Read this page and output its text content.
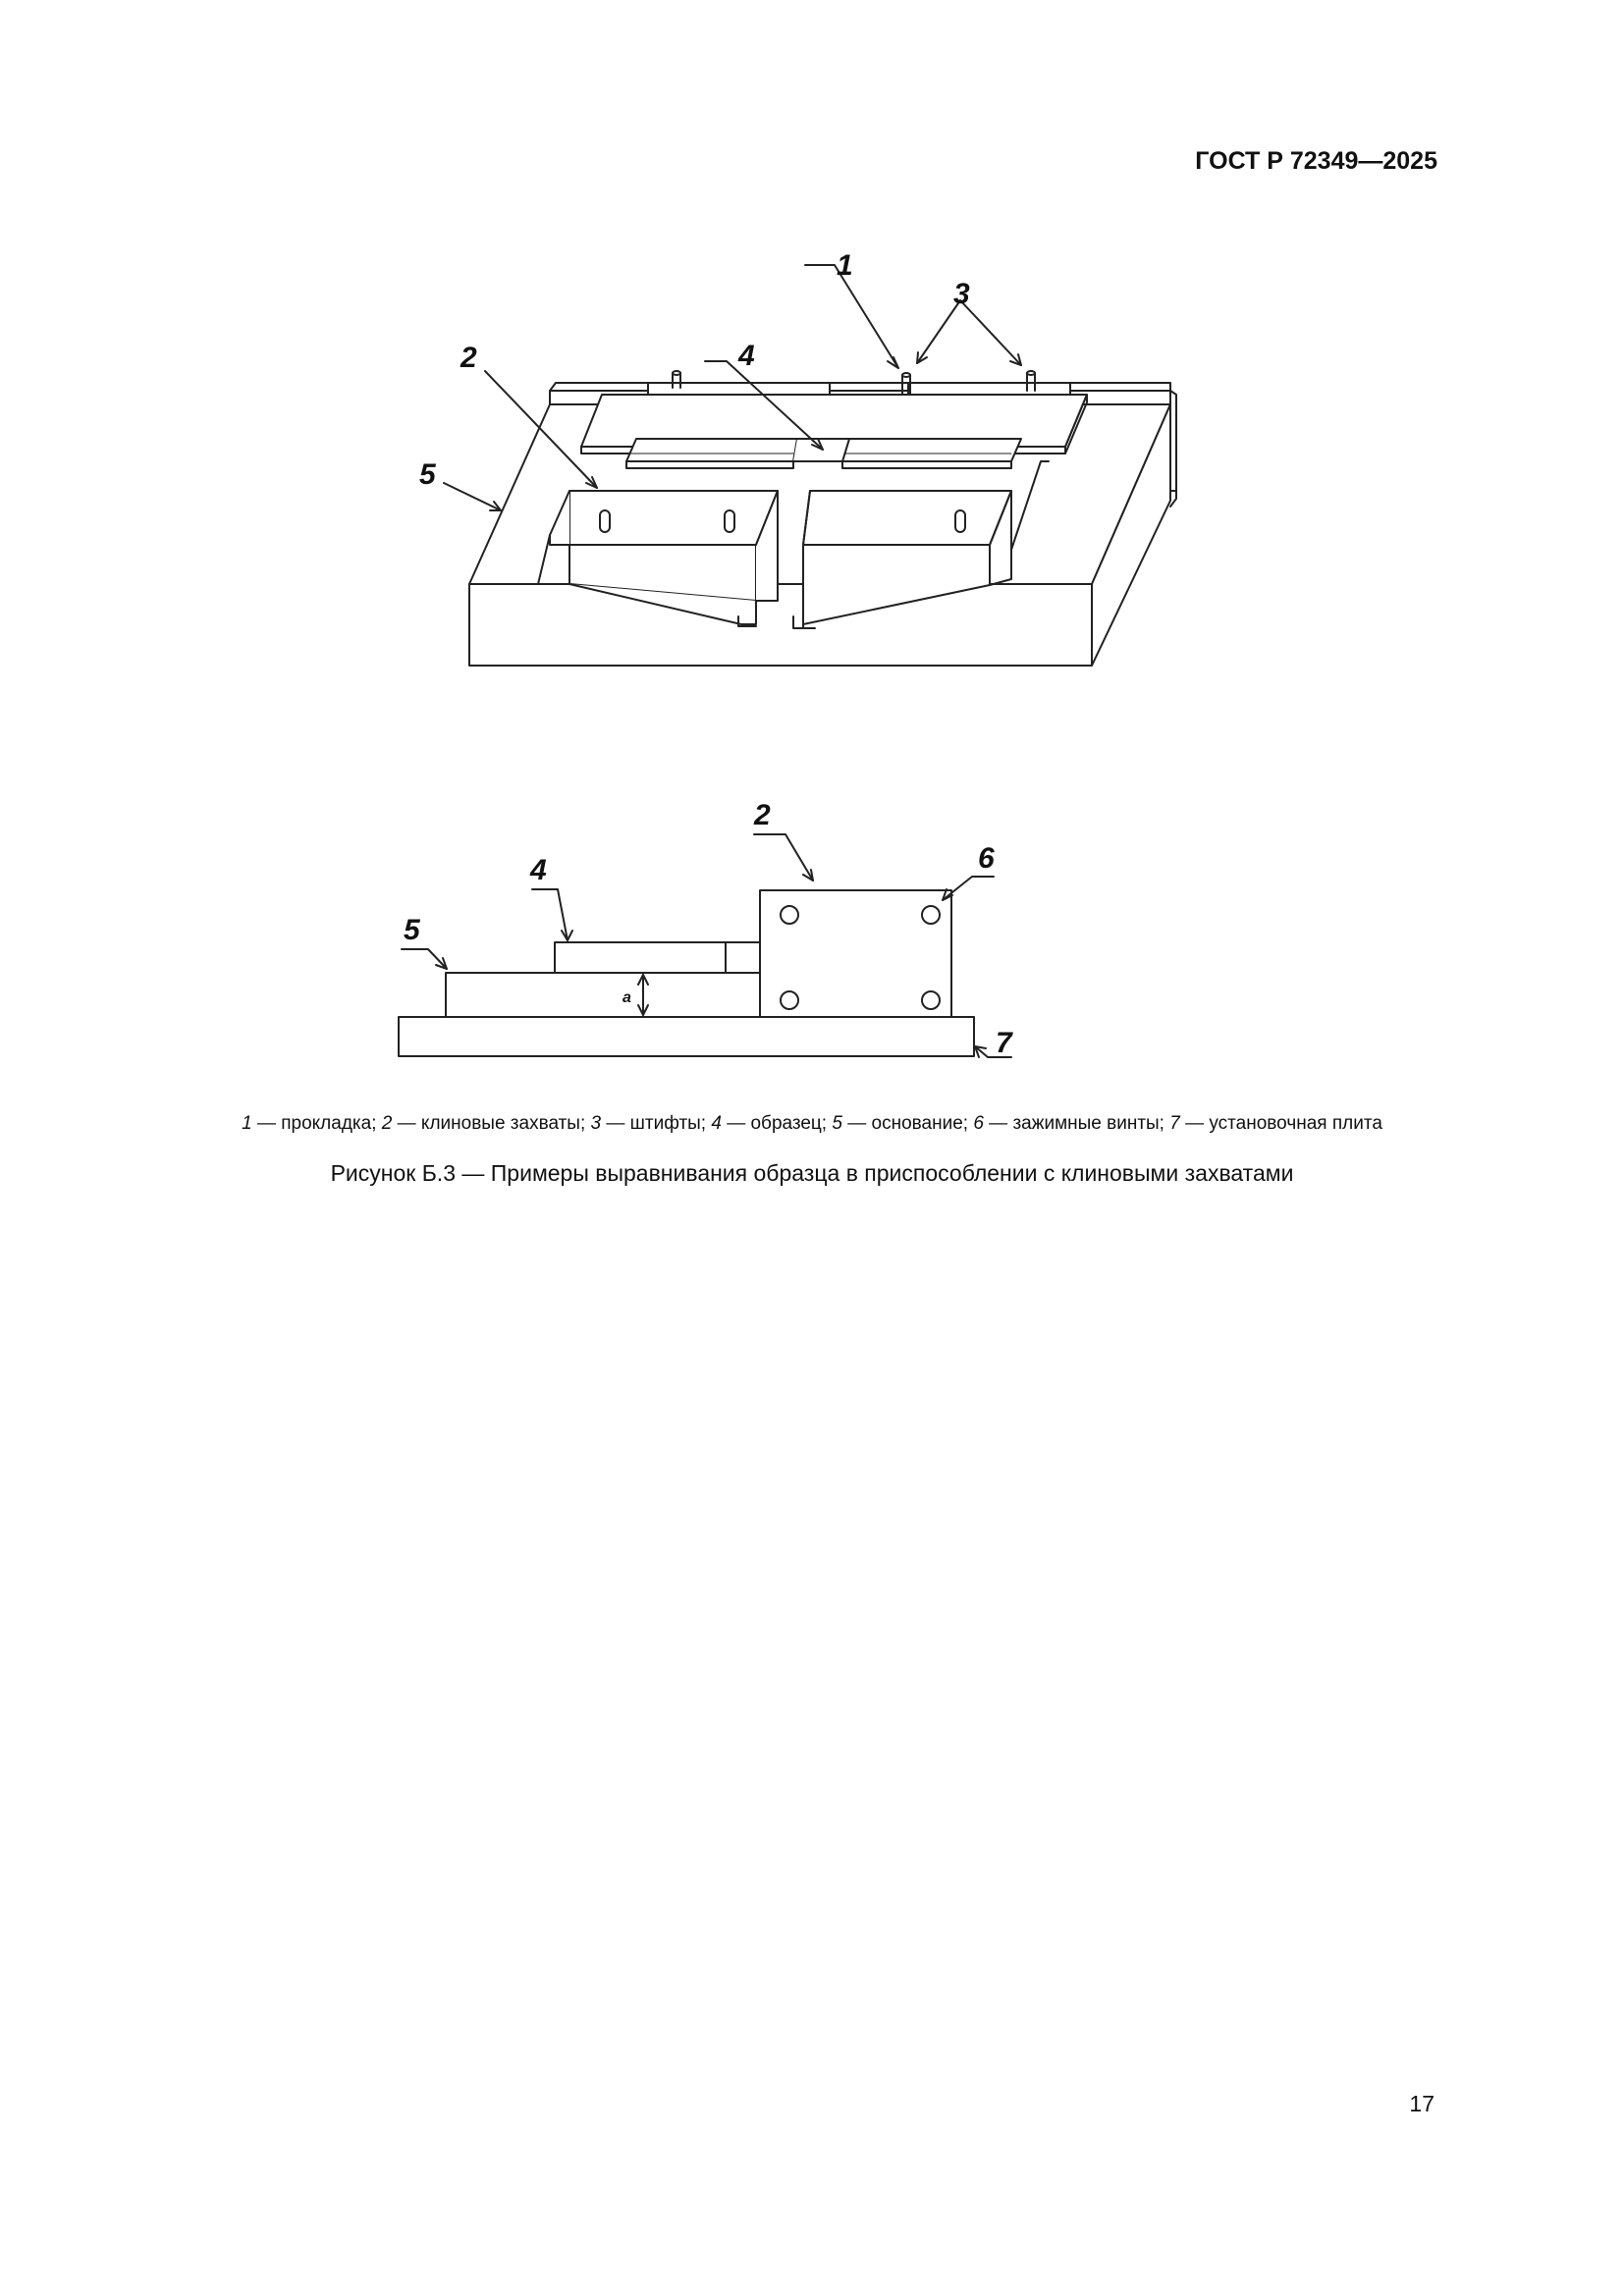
ГОСТ Р 72349—2025
1
3
4
2
5
a
2
6
4
5
7
1 — прокладка; 2 — клиновые захваты; 3 — штифты; 4 — образец; 5 — основание; 6 — зажимные винты; 7 — установочная плита
Рисунок Б.3 — Примеры выравнивания образца в приспособлении с клиновыми захватами
17
